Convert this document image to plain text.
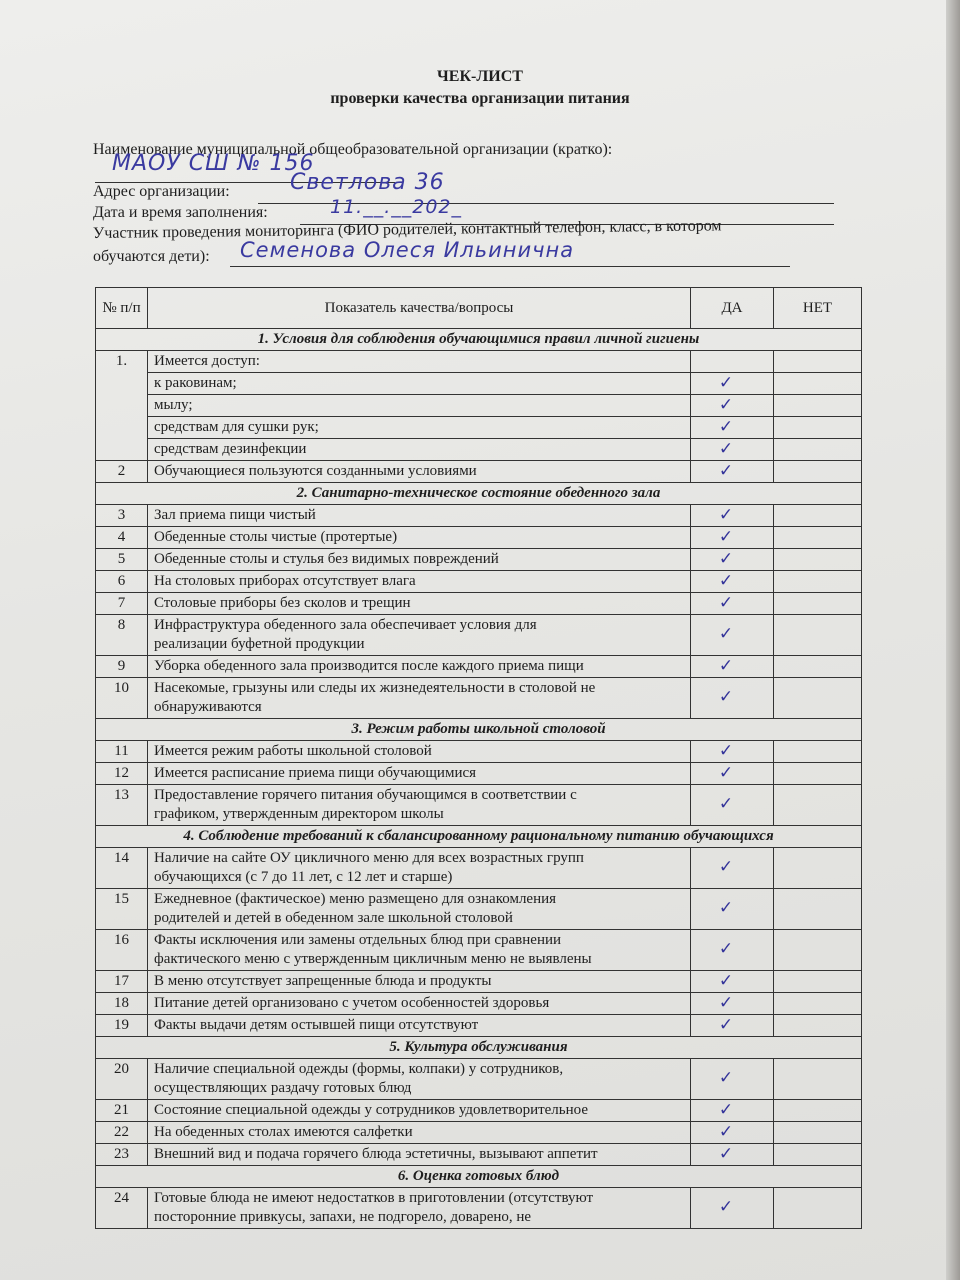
ЧЕК-ЛИСТ
проверки качества организации питания
Наименование муниципальной общеобразовательной организации (кратко):
МАОУ СШ № 156
Адрес организации:	Светлова 36
Дата и время заполнения:	11.__.__202_
Участник проведения мониторинга (ФИО родителей, контактный телефон, класс, в котором
обучаются дети): Семенова Олеся Ильинична
№ п/п	Показатель качества/вопросы	ДА	НЕТ
1. Условия для соблюдения обучающимися правил личной гигиены			
1.	Имеется доступ:		

	к раковинам;	✓	
	мылу;	✓	
	средствам для сушки рук;	✓	
	средствам дезинфекции	✓	
2	Обучающиеся пользуются созданными условиями	✓	
2. Санитарно-техническое состояние обеденного зала			
3	Зал приема пищи чистый	✓	
4	Обеденные столы чистые (протертые)	✓	
5	Обеденные столы и стулья без видимых повреждений	✓	
6	На столовых приборах отсутствует влага	✓	
7	Столовые приборы без сколов и трещин	✓	
8	Инфраструктура обеденного зала обеспечивает условия для
реализации буфетной продукции	✓	
9	Уборка обеденного зала производится после каждого приема пищи	✓	
10	Насекомые, грызуны или следы их жизнедеятельности в столовой не
обнаруживаются	✓	
3. Режим работы школьной столовой			
11	Имеется режим работы школьной столовой	✓	
12	Имеется расписание приема пищи обучающимися	✓	
13	Предоставление горячего питания обучающимся в соответствии с
графиком, утвержденным директором школы	✓	
4. Соблюдение требований к сбалансированному рациональному питанию обучающихся			
14	Наличие на сайте ОУ цикличного меню для всех возрастных групп
обучающихся (с 7 до 11 лет, с 12 лет и старше)	✓	
15	Ежедневное (фактическое) меню размещено для ознакомления
родителей и детей в обеденном зале школьной столовой	✓	
16	Факты исключения или замены отдельных блюд при сравнении
фактического меню с утвержденным цикличным меню не выявлены	✓	
17	В меню отсутствует запрещенные блюда и продукты	✓	
18	Питание детей организовано с учетом особенностей здоровья	✓	
19	Факты выдачи детям остывшей пищи отсутствуют	✓	
5. Культура обслуживания			
20	Наличие специальной одежды (формы, колпаки) у сотрудников,
осуществляющих раздачу готовых блюд	✓	
21	Состояние специальной одежды у сотрудников удовлетворительное	✓	
22	На обеденных столах имеются салфетки	✓	
23	Внешний вид и подача горячего блюда эстетичны, вызывают аппетит	✓	
6. Оценка готовых блюд			
24	Готовые блюда не имеют недостатков в приготовлении (отсутствуют
посторонние привкусы, запахи, не подгорело, доварено, не	✓	
